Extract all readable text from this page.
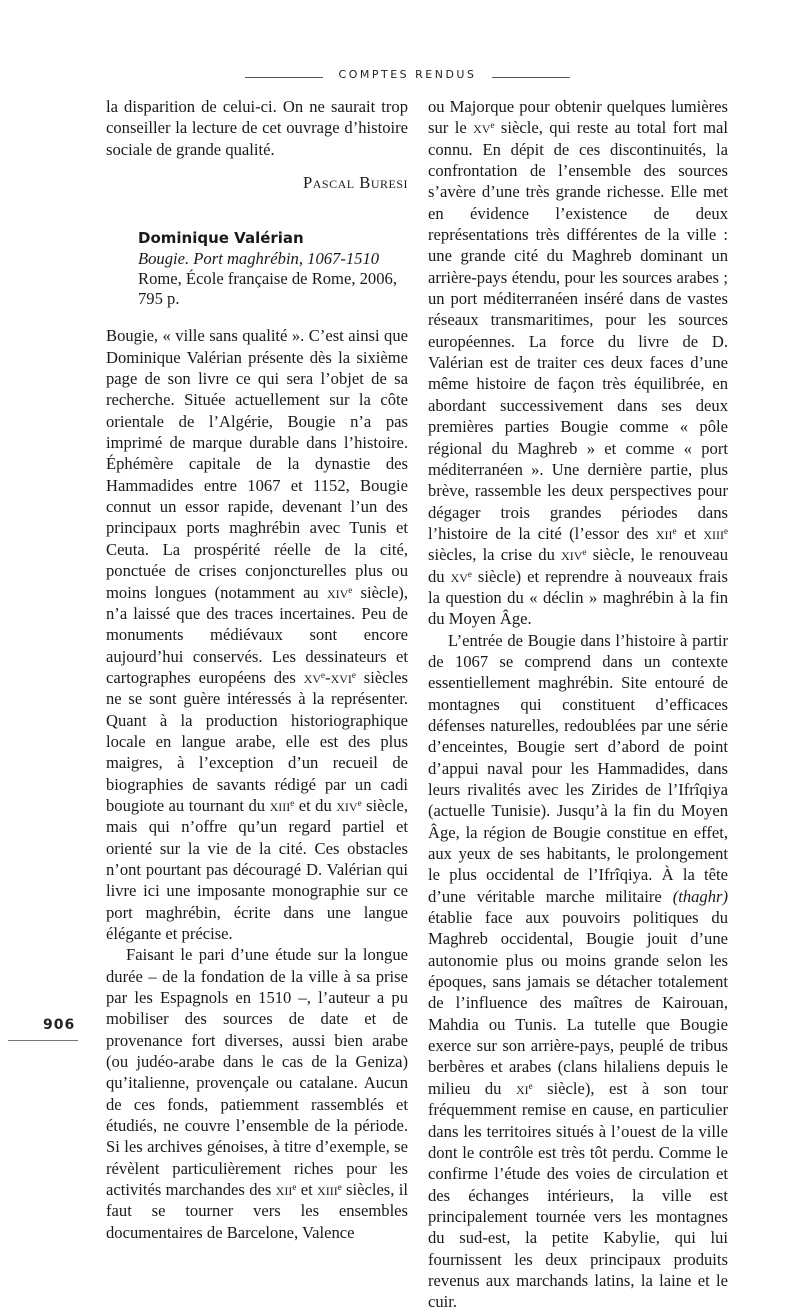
COMPTES RENDUS

la disparition de celui-ci. On ne saurait trop conseiller la lecture de cet ouvrage d’histoire sociale de grande qualité.

Pascal Buresi

Dominique Valérian
Bougie. Port maghrébin, 1067-1510
Rome, École française de Rome, 2006,
795 p.

Bougie, « ville sans qualité ». C’est ainsi que Dominique Valérian présente dès la sixième page de son livre ce qui sera l’objet de sa recherche. Située actuellement sur la côte orientale de l’Algérie, Bougie n’a pas imprimé de marque durable dans l’histoire. Éphémère capitale de la dynastie des Hammadides entre 1067 et 1152, Bougie connut un essor rapide, devenant l’un des principaux ports maghrébin avec Tunis et Ceuta. La prospérité réelle de la cité, ponctuée de crises conjoncturelles plus ou moins longues (notamment au xiv$^e$ siècle), n’a laissé que des traces incertaines. Peu de monuments médiévaux sont encore aujourd’hui conservés. Les dessinateurs et cartographes européens des $xv^e-xvi^e$ siècles ne se sont guère intéressés à la représenter. Quant à la production historiographique locale en langue arabe, elle est des plus maigres, à l’exception d’un recueil de biographies de savants rédigé par un cadi bougiote au tournant du xiii$^e$ et du xiv$^e$ siècle, mais qui n’offre qu’un regard partiel et orienté sur la vie de la cité. Ces obstacles n’ont pourtant pas découragé D. Valérian qui livre ici une imposante monographie sur ce port maghrébin, écrite dans une langue élégante et précise.

Faisant le pari d’une étude sur la longue durée – de la fondation de la ville à sa prise par les Espagnols en 1510 –, l’auteur a pu mobiliser des sources de date et de provenance fort diverses, aussi bien arabe (ou judéo-arabe dans le cas de la Geniza) qu’italienne, provençale ou catalane. Aucun de ces fonds, patiemment rassemblés et étudiés, ne couvre l’ensemble de la période. Si les archives génoises, à titre d’exemple, se révèlent particulièrement riches pour les activités marchandes des xii$^e$ et xiii$^e$ siècles, il faut se tourner vers les ensembles documentaires de Barcelone, Valence

ou Majorque pour obtenir quelques lumières sur le $xv^e$ siècle, qui reste au total fort mal connu. En dépit de ces discontinuités, la confrontation de l’ensemble des sources s’avère d’une très grande richesse. Elle met en évidence l’existence de deux représentations très différentes de la ville : une grande cité du Maghreb dominant un arrière-pays étendu, pour les sources arabes ; un port méditerranéen inséré dans de vastes réseaux transmaritimes, pour les sources européennes. La force du livre de D. Valérian est de traiter ces deux faces d’une même histoire de façon très équilibrée, en abordant successivement dans ses deux premières parties Bougie comme « pôle régional du Maghreb » et comme « port méditerranéen ». Une dernière partie, plus brève, rassemble les deux perspectives pour dégager trois grandes périodes dans l’histoire de la cité (l’essor des xii$^e$ et xiii$^e$ siècles, la crise du xiv$^e$ siècle, le renouveau du $xv^e$ siècle) et reprendre à nouveaux frais la question du « déclin » maghrébin à la fin du Moyen Âge.

L’entrée de Bougie dans l’histoire à partir de 1067 se comprend dans un contexte essentiellement maghrébin. Site entouré de montagnes qui constituent d’efficaces défenses naturelles, redoublées par une série d’enceintes, Bougie sert d’abord de point d’appui naval pour les Hammadides, dans leurs rivalités avec les Zirides de l’Ifrîqiya (actuelle Tunisie). Jusqu’à la fin du Moyen Âge, la région de Bougie constitue en effet, aux yeux de ses habitants, le prolongement le plus occidental de l’Ifrîqiya. À la tête d’une véritable marche militaire (thaghr) établie face aux pouvoirs politiques du Maghreb occidental, Bougie jouit d’une autonomie plus ou moins grande selon les époques, sans jamais se détacher totalement de l’influence des maîtres de Kairouan, Mahdia ou Tunis. La tutelle que Bougie exerce sur son arrière-pays, peuplé de tribus berbères et arabes (clans hilaliens depuis le milieu du $xi^e$ siècle), est à son tour fréquemment remise en cause, en particulier dans les territoires situés à l’ouest de la ville dont le contrôle est très tôt perdu. Comme le confirme l’étude des voies de circulation et des échanges intérieurs, la ville est principalement tournée vers les montagnes du sud-est, la petite Kabylie, qui lui fournissent les deux principaux produits revenus aux marchands latins, la laine et le cuir.

906
